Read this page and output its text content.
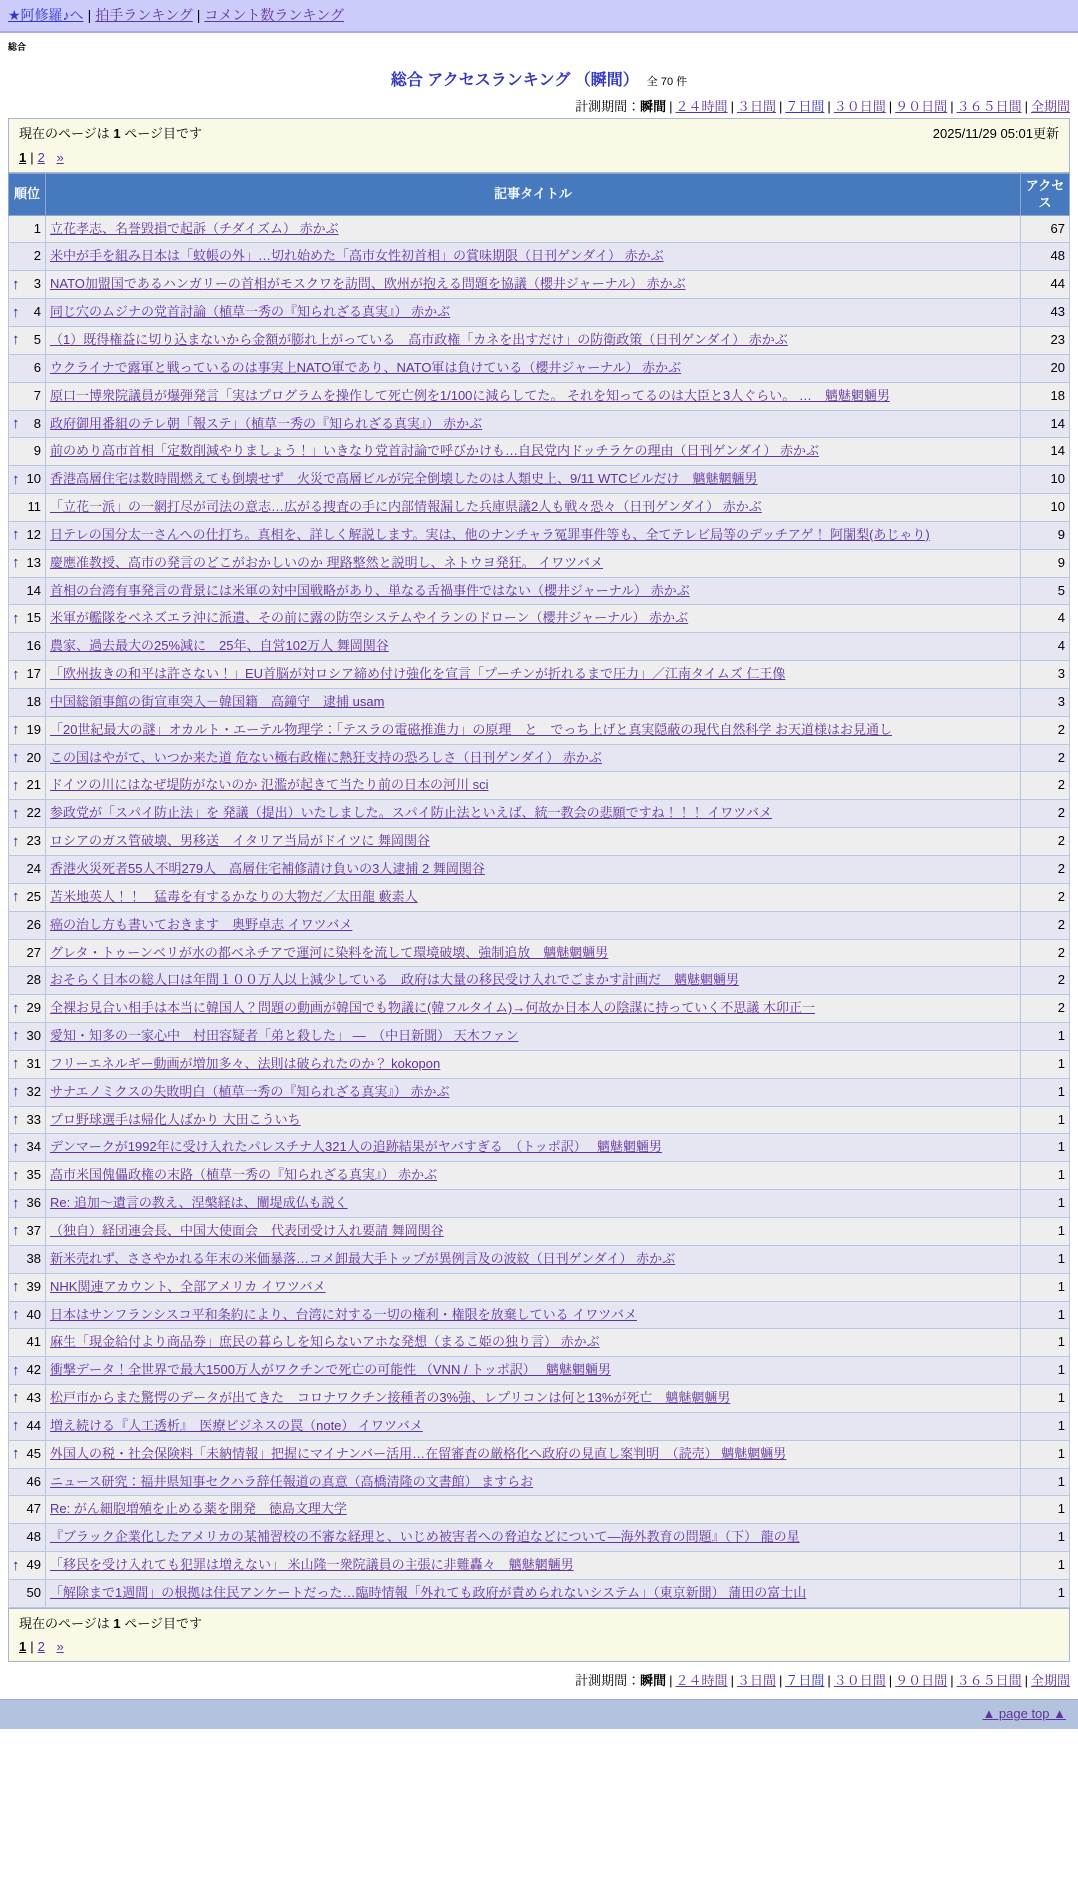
★阿修羅♪へ | 拍手ランキング | コメント数ランキング
総合
総合 アクセスランキング （瞬間） 全 70 件
計測期間：瞬間 | ２４時間 | ３日間 | ７日間 | ３０日間 | ９０日間 | ３６５日間 | 全期間
現在のページは 1 ページ目です	2025/11/29 05:01更新
1 | 2 »
順位	記事タイトル	アクセス
1	立花孝志、名誉毀損で起訴（チダイズム） 赤かぶ	67
2	米中が手を組み日本は「蚊帳の外」…切れ始めた「高市女性初首相」の賞味期限（日刊ゲンダイ） 赤かぶ	48

↑ 3	NATO加盟国であるハンガリーの首相がモスクワを訪問、欧州が抱える問題を協議（櫻井ジャーナル） 赤かぶ	44

↑ 4	同じ穴のムジナの党首討論（植草一秀の『知られざる真実』） 赤かぶ	43

↑ 5	（1）既得権益に切り込まないから金額が膨れ上がっている　高市政権「カネを出すだけ」の防衛政策（日刊ゲンダイ） 赤かぶ	23
6	ウクライナで露軍と戦っているのは事実上NATO軍であり、NATO軍は負けている（櫻井ジャーナル） 赤かぶ	20
7	原口一博衆院議員が爆弾発言「実はプログラムを操作して死亡例を1/100に減らしてた。 それを知ってるのは大臣と3人ぐらい。 …　魑魅魍魎男	18

↑ 8	政府御用番組のテレ朝「報ステ」（植草一秀の『知られざる真実』） 赤かぶ	14
9	前のめり高市首相「定数削減やりましょう！」いきなり党首討論で呼びかけも…自民党内ドッチラケの理由（日刊ゲンダイ） 赤かぶ	14

↑ 10	香港高層住宅は数時間燃えても倒壊せず　火災で高層ビルが完全倒壊したのは人類史上、9/11 WTCビルだけ　魑魅魍魎男	10
11	「立花一派」の一網打尽が司法の意志…広がる捜査の手に内部情報漏した兵庫県議2人も戦々恐々（日刊ゲンダイ） 赤かぶ	10

↑ 12	日テレの国分太一さんへの仕打ち。真相を、詳しく解説します。実は、他のナンチャラ冤罪事件等も、全てテレビ局等のデッチアゲ！ 阿闍梨(あじゃり)	9

↑ 13	慶應准教授、高市の発言のどこがおかしいのか 理路整然と説明し、ネトウヨ発狂。 イワツバメ	9
14	首相の台湾有事発言の背景には米軍の対中国戦略があり、単なる舌禍事件ではない（櫻井ジャーナル） 赤かぶ	5

↑ 15	米軍が艦隊をベネズエラ沖に派遣、その前に露の防空システムやイランのドローン（櫻井ジャーナル） 赤かぶ	4
16	農家、過去最大の25%減に　25年、自営102万人 舞岡関谷	4

↑ 17	「欧州抜きの和平は許さない！」EU首脳が対ロシア締め付け強化を宣言「プーチンが折れるまで圧力」／江南タイムズ 仁王像	3
18	中国総領事館の街宣車突入－韓国籍　高鐘守　逮捕 usam	3

↑ 19	「20世紀最大の謎」オカルト・エーテル物理学：「テスラの電磁推進力」の原理　と　でっち上げと真実隠蔽の現代自然科学 お天道様はお見通し	2

↑ 20	この国はやがて、いつか来た道 危ない極右政権に熱狂支持の恐ろしさ（日刊ゲンダイ） 赤かぶ	2

↑ 21	ドイツの川にはなぜ堤防がないのか 氾濫が起きて当たり前の日本の河川 sci	2

↑ 22	参政党が「スパイ防止法」を 発議（提出）いたしました。スパイ防止法といえば、統一教会の悲願ですね！！！ イワツバメ	2

↑ 23	ロシアのガス管破壊、男移送　イタリア当局がドイツに 舞岡関谷	2
24	香港火災死者55人不明279人　高層住宅補修請け負いの3人逮捕 2 舞岡関谷	2

↑ 25	苫米地英人！！　猛毒を有するかなりの大物だ／太田龍 藪素人	2
26	癌の治し方も書いておきます　奥野卓志 イワツバメ	2
27	グレタ・トゥーンベリが水の都ベネチアで運河に染料を流して環境破壊、強制追放　魑魅魍魎男	2
28	おそらく日本の総人口は年間１００万人以上減少している　政府は大量の移民受け入れでごまかす計画だ　魑魅魍魎男	2

↑ 29	全裸お見合い相手は本当に韓国人？問題の動画が韓国でも物議に(韓フルタイム)→何故か日本人の陰謀に持っていく不思議 木卯正一	2

↑ 30	愛知・知多の一家心中　村田容疑者「弟と殺した」 ―　（中日新聞） 天木ファン	1

↑ 31	フリーエネルギー動画が増加多々、法則は破られたのか？ kokopon	1

↑ 32	サナエノミクスの失敗明白（植草一秀の『知られざる真実』） 赤かぶ	1

↑ 33	プロ野球選手は帰化人ばかり 大田こういち	1

↑ 34	デンマークが1992年に受け入れたパレスチナ人321人の追跡結果がヤバすぎる　（トッポ訳）　 魑魅魍魎男	1

↑ 35	高市米国傀儡政権の末路（植草一秀の『知られざる真実』） 赤かぶ	1

↑ 36	Re: 追加～遺言の教え、涅槃経は、闡堤成仏も説く	1

↑ 37	（独自）経団連会長、中国大使面会　代表団受け入れ要請 舞岡関谷	1
38	新米売れず、ささやかれる年末の米価暴落…コメ卸最大手トップが異例言及の波紋（日刊ゲンダイ） 赤かぶ	1

↑ 39	NHK関連アカウント、全部アメリカ イワツバメ	1

↑ 40	日本はサンフランシスコ平和条約により、台湾に対する一切の権利・権限を放棄している イワツバメ	1
41	麻生「現金給付より商品券」庶民の暮らしを知らないアホな発想（まるこ姫の独り言） 赤かぶ	1

↑ 42	衝撃データ！全世界で最大1500万人がワクチンで死亡の可能性 （VNN / トッポ訳）　 魑魅魍魎男	1

↑ 43	松戸市からまた驚愕のデータが出てきた　コロナワクチン接種者の3%強、レプリコンは何と13%が死亡　魑魅魍魎男	1

↑ 44	増え続ける『人工透析』　医療ビジネスの罠（note） イワツバメ	1

↑ 45	外国人の税・社会保険料「未納情報」把握にマイナンバー活用…在留審査の厳格化へ政府の見直し案判明　（読売） 魑魅魍魎男	1
46	ニュース研究：福井県知事セクハラ辞任報道の真意（高橋清隆の文書館） ますらお	1
47	Re: がん細胞増殖を止める薬を開発　徳島文理大学	1
48	『ブラック企業化したアメリカの某補習校の不審な経理と、いじめ被害者への脅迫などについて―海外教育の問題』（下） 龍の星	1

↑ 49	「移民を受け入れても犯罪は増えない」 米山隆一衆院議員の主張に非難轟々　魑魅魍魎男	1
50	「解除まで1週間」の根拠は住民アンケートだった…臨時情報「外れても政府が責められないシステム」（東京新聞） 蒲田の富士山	1
現在のページは 1 ページ目です
1 | 2 »
計測期間：瞬間 | ２４時間 | ３日間 | ７日間 | ３０日間 | ９０日間 | ３６５日間 | 全期間
▲ page top ▲
